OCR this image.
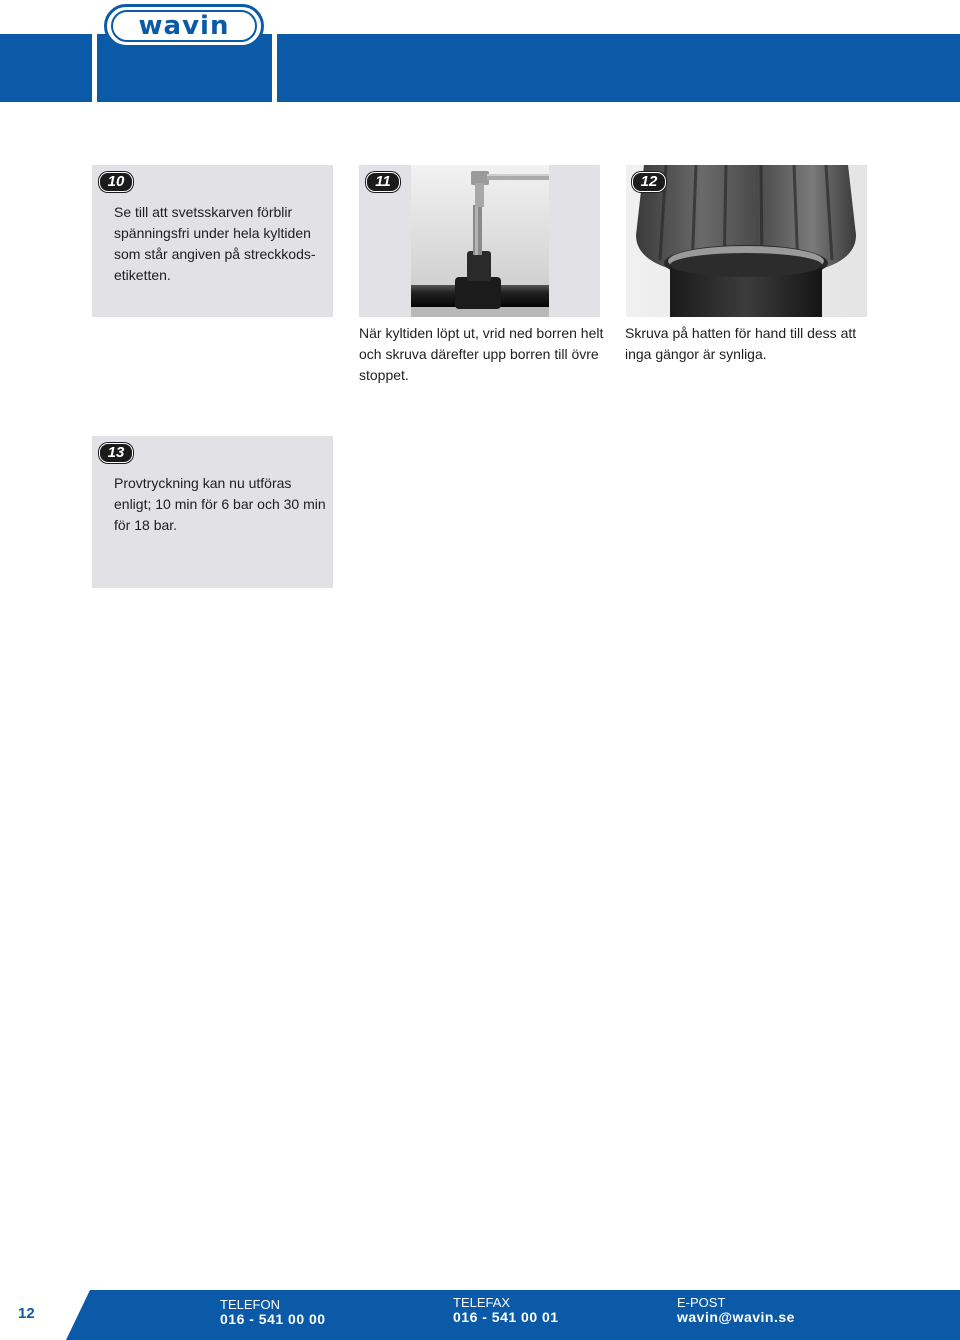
wavin
10
Se till att svetsskarven förblir
spänningsfri under hela kyltiden
som står angiven på streckkods-
etiketten.
11
När kyltiden löpt ut, vrid ned borren helt
och skruva därefter upp borren till övre
stoppet.
12
Skruva på hatten för hand till dess att
inga gängor är synliga.
13
Provtryckning kan nu utföras
enligt; 10 min för 6 bar och 30 min
för 18 bar.
12
TELEFON
016 - 541 00 00
TELEFAX
016 - 541 00 01
E-POST
wavin@wavin.se
